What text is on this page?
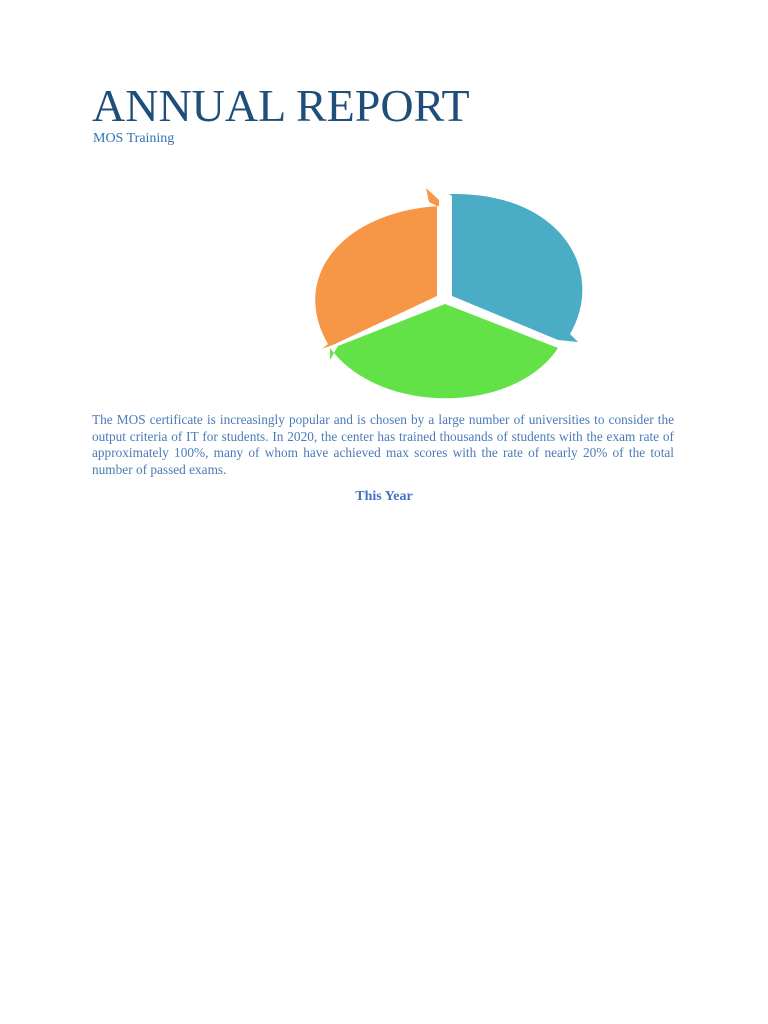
ANNUAL REPORT

MOS Training

The MOS certificate is increasingly popular and is chosen by a large number of universities to consider the output criteria of IT for students. In 2020, the center has trained thousands of students with the exam rate of approximately 100%, many of whom have achieved max scores with the rate of nearly 20% of the total number of passed exams.

This Year
